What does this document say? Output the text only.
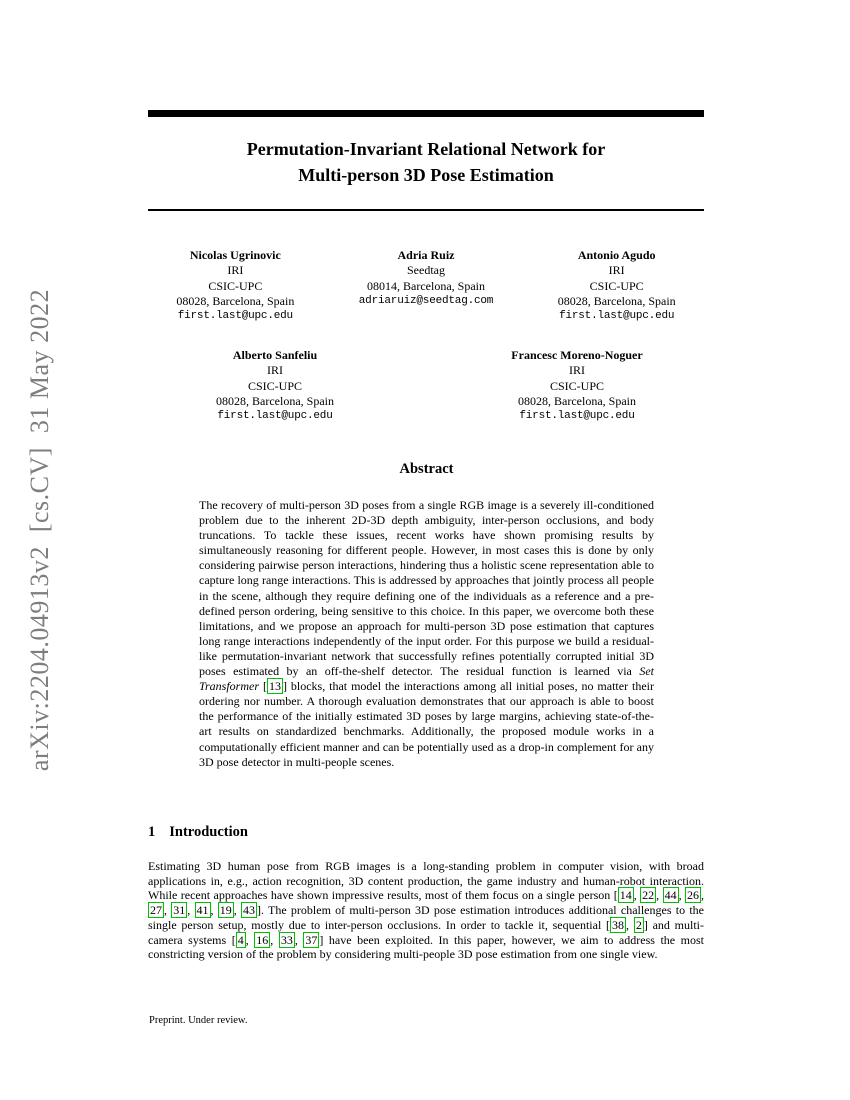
arXiv:2204.04913v2  [cs.CV]  31 May 2022
Permutation-Invariant Relational Network for
Multi-person 3D Pose Estimation
Nicolas Ugrinovic
IRI
CSIC-UPC
08028, Barcelona, Spain
first.last@upc.edu
Adria Ruiz
Seedtag
08014, Barcelona, Spain
adriaruiz@seedtag.com
Antonio Agudo
IRI
CSIC-UPC
08028, Barcelona, Spain
first.last@upc.edu
Alberto Sanfeliu
IRI
CSIC-UPC
08028, Barcelona, Spain
first.last@upc.edu
Francesc Moreno-Noguer
IRI
CSIC-UPC
08028, Barcelona, Spain
first.last@upc.edu
Abstract
The recovery of multi-person 3D poses from a single RGB image is a severely ill-conditioned problem due to the inherent 2D-3D depth ambiguity, inter-person occlusions, and body truncations. To tackle these issues, recent works have shown promising results by simultaneously reasoning for different people. However, in most cases this is done by only considering pairwise person interactions, hindering thus a holistic scene representation able to capture long range interactions. This is addressed by approaches that jointly process all people in the scene, although they require defining one of the individuals as a reference and a pre-defined person ordering, being sensitive to this choice. In this paper, we overcome both these limitations, and we propose an approach for multi-person 3D pose estimation that captures long range interactions independently of the input order. For this purpose we build a residual-like permutation-invariant network that successfully refines potentially corrupted initial 3D poses estimated by an off-the-shelf detector. The residual function is learned via Set Transformer [ 13 ] blocks, that model the interactions among all initial poses, no matter their ordering nor number. A thorough evaluation demonstrates that our approach is able to boost the performance of the initially estimated 3D poses by large margins, achieving state-of-the-art results on standardized benchmarks. Additionally, the proposed module works in a computationally efficient manner and can be potentially used as a drop-in complement for any 3D pose detector in multi-people scenes.
1 Introduction
Estimating 3D human pose from RGB images is a long-standing problem in computer vision, with broad applications in, e.g., action recognition, 3D content production, the game industry and human-robot interaction. While recent approaches have shown impressive results, most of them focus on a single person [ 14 , 22 , 44 , 26 , 27 , 31 , 41 , 19 , 43 ]. The problem of multi-person 3D pose estimation introduces additional challenges to the single person setup, mostly due to inter-person occlusions. In order to tackle it, sequential [ 38 , 2 ] and multi-camera systems [ 4 , 16 , 33 , 37 ] have been exploited. In this paper, however, we aim to address the most constricting version of the problem by considering multi-people 3D pose estimation from one single view.
Preprint. Under review.
